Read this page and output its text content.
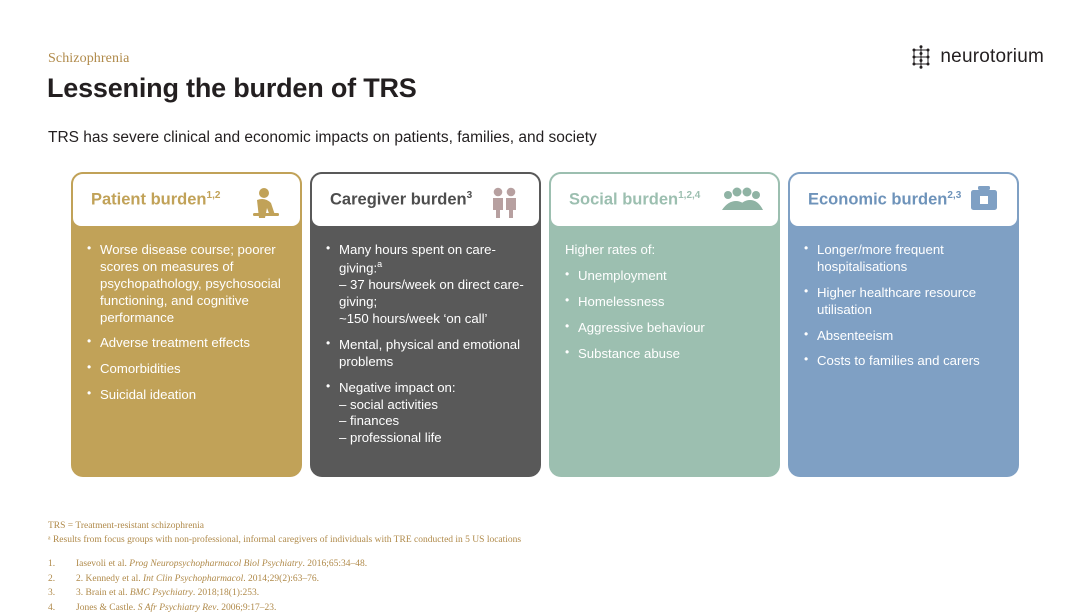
Schizophrenia
Lessening the burden of TRS
TRS has severe clinical and economic impacts on patients, families, and society
neurotorium
Patient burden$^{1,2}$
• Worse disease course; poorer scores on measures of psychopathology, psychosocial functioning, and cognitive performance
• Adverse treatment effects
• Comorbidities
• Suicidal ideation
Caregiver burden$^3$
• Many hours spent on care-giving:$^a$
– 37 hours/week on direct care-giving;
~150 hours/week ‘on call’
• Mental, physical and emotional problems
• Negative impact on:
– social activities
– finances
– professional life
Social burden$^{1,2,4}$
Higher rates of:
• Unemployment
• Homelessness
• Aggressive behaviour
• Substance abuse
Economic burden$^{2,3}$
• Longer/more frequent hospitalisations
• Higher healthcare resource utilisation
• Absenteeism
• Costs to families and carers
TRS = Treatment-resistant schizophrenia
ᵃ Results from focus groups with non-professional, informal caregivers of individuals with TRE conducted in 5 US locations
1.	Iasevoli et al. Prog Neuropsychopharmacol Biol Psychiatry. 2016;65:34–48.
2.	2. Kennedy et al. Int Clin Psychopharmacol. 2014;29(2):63–76.
3.	3. Brain et al. BMC Psychiatry. 2018;18(1):253.
4.	Jones & Castle. S Afr Psychiatry Rev. 2006;9:17–23.
